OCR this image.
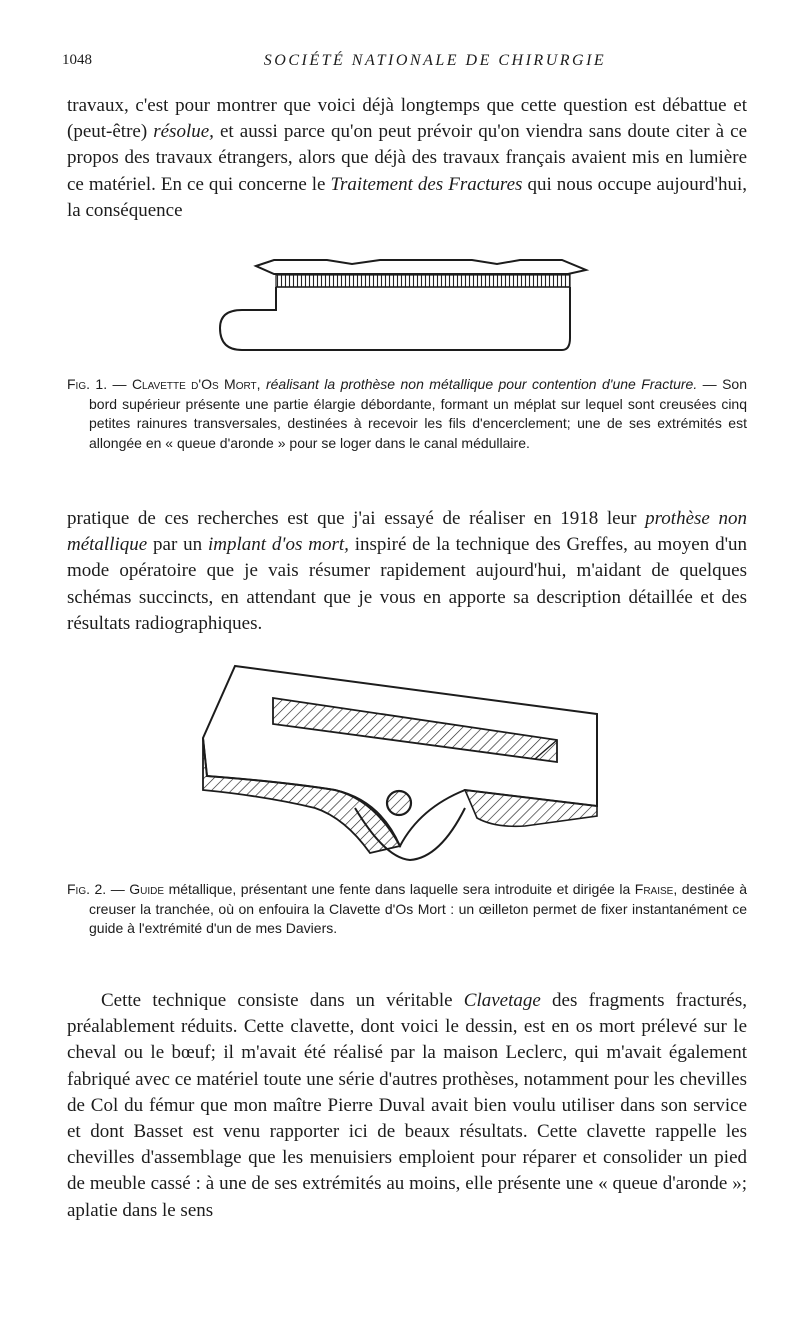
1048	SOCIÉTÉ NATIONALE DE CHIRURGIE

travaux, c'est pour montrer que voici déjà longtemps que cette question est débattue et (peut-être) résolue, et aussi parce qu'on peut prévoir qu'on viendra sans doute citer à ce propos des travaux étrangers, alors que déjà des travaux français avaient mis en lumière ce matériel. En ce qui concerne le Traitement des Fractures qui nous occupe aujourd'hui, la conséquence

Fig. 1. — Clavette d'Os Mort, réalisant la prothèse non métallique pour contention d'une Fracture. — Son bord supérieur présente une partie élargie débordante, formant un méplat sur lequel sont creusées cinq petites rainures transversales, destinées à recevoir les fils d'encerclement; une de ses extrémités est allongée en « queue d'aronde » pour se loger dans le canal médullaire.

pratique de ces recherches est que j'ai essayé de réaliser en 1918 leur prothèse non métallique par un implant d'os mort, inspiré de la technique des Greffes, au moyen d'un mode opératoire que je vais résumer rapidement aujourd'hui, m'aidant de quelques schémas succincts, en attendant que je vous en apporte sa description détaillée et des résultats radiographiques.

Fig. 2. — Guide métallique, présentant une fente dans laquelle sera introduite et dirigée la Fraise, destinée à creuser la tranchée, où on enfouira la Clavette d'Os Mort : un œilleton permet de fixer instantanément ce guide à l'extrémité d'un de mes Daviers.

Cette technique consiste dans un véritable Clavetage des fragments fracturés, préalablement réduits. Cette clavette, dont voici le dessin, est en os mort prélevé sur le cheval ou le bœuf; il m'avait été réalisé par la maison Leclerc, qui m'avait également fabriqué avec ce matériel toute une série d'autres prothèses, notamment pour les chevilles de Col du fémur que mon maître Pierre Duval avait bien voulu utiliser dans son service et dont Basset est venu rapporter ici de beaux résultats. Cette clavette rappelle les chevilles d'assemblage que les menuisiers emploient pour réparer et consolider un pied de meuble cassé : à une de ses extrémités au moins, elle présente une « queue d'aronde »; aplatie dans le sens
